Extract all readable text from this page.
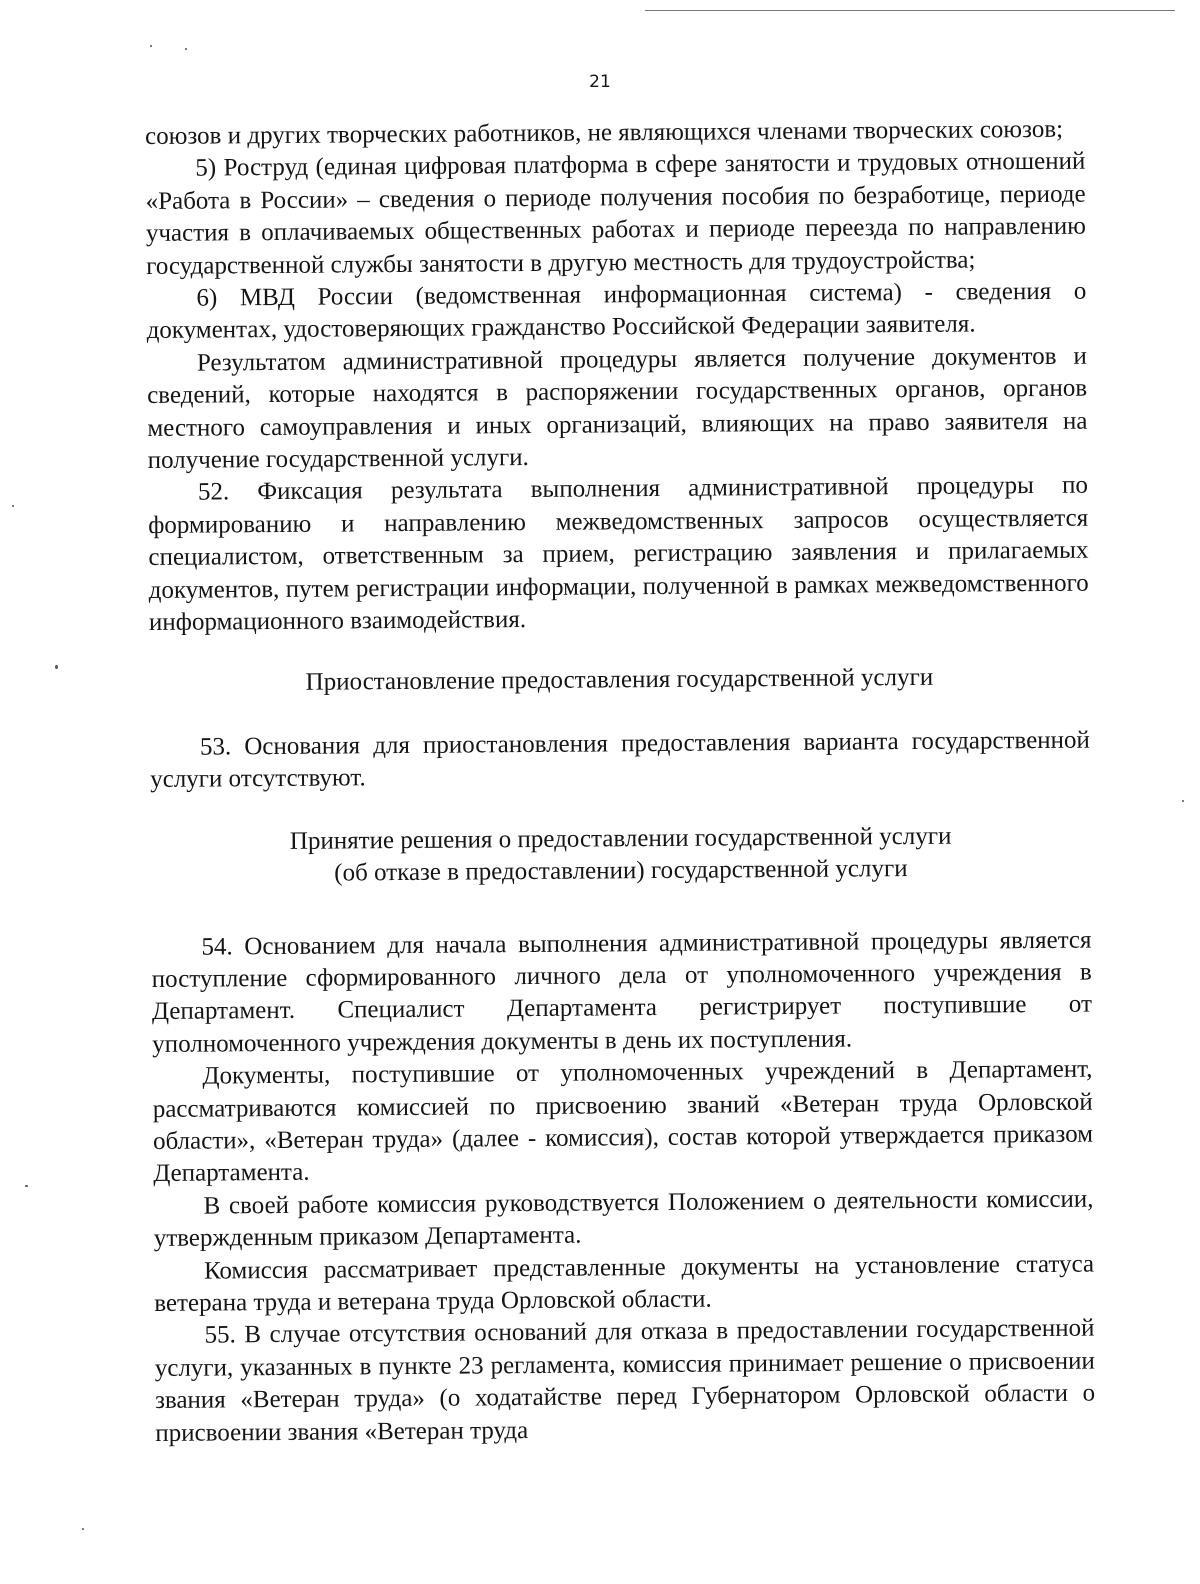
21

союзов и других творческих работников, не являющихся членами творческих союзов;

5) Роструд (единая цифровая платформа в сфере занятости и трудовых отношений «Работа в России» – сведения о периоде получения пособия по безработице, периоде участия в оплачиваемых общественных работах и периоде переезда по направлению государственной службы занятости в другую местность для трудоустройства;

6) МВД России (ведомственная информационная система) - сведения о документах, удостоверяющих гражданство Российской Федерации заявителя.

Результатом административной процедуры является получение документов и сведений, которые находятся в распоряжении государственных органов, органов местного самоуправления и иных организаций, влияющих на право заявителя на получение государственной услуги.

52. Фиксация результата выполнения административной процедуры по формированию и направлению межведомственных запросов осуществляется специалистом, ответственным за прием, регистрацию заявления и прилагаемых документов, путем регистрации информации, полученной в рамках межведомственного информационного взаимодействия.

Приостановление предоставления государственной услуги

53. Основания для приостановления предоставления варианта государственной услуги отсутствуют.

Принятие решения о предоставлении государственной услуги

(об отказе в предоставлении) государственной услуги

54. Основанием для начала выполнения административной процедуры является поступление сформированного личного дела от уполномоченного учреждения в Департамент. Специалист Департамента регистрирует поступившие от уполномоченного учреждения документы в день их поступления.

Документы, поступившие от уполномоченных учреждений в Департамент, рассматриваются комиссией по присвоению званий «Ветеран труда Орловской области», «Ветеран труда» (далее - комиссия), состав которой утверждается приказом Департамента.

В своей работе комиссия руководствуется Положением о деятельности комиссии, утвержденным приказом Департамента.

Комиссия рассматривает представленные документы на установление статуса ветерана труда и ветерана труда Орловской области.

55. В случае отсутствия оснований для отказа в предоставлении государственной услуги, указанных в пункте 23 регламента, комиссия принимает решение о присвоении звания «Ветеран труда» (о ходатайстве перед Губернатором Орловской области о присвоении звания «Ветеран труда
